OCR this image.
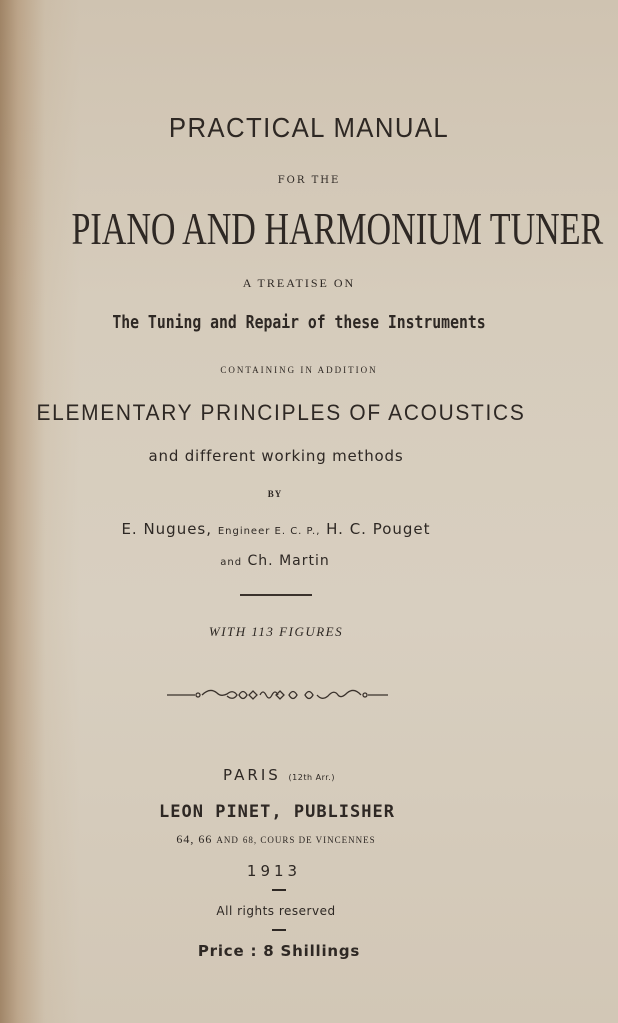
PRACTICAL MANUAL

FOR THE

PIANO AND HARMONIUM TUNER

A TREATISE ON

The Tuning and Repair of these Instruments

CONTAINING IN ADDITION

ELEMENTARY PRINCIPLES OF ACOUSTICS

and different working methods

BY

E. Nugues, Engineer E. C. P., H. C. Pouget

and Ch. Martin

WITH 113 FIGURES

PARIS (12th Arr.)

LEON PINET, PUBLISHER

64, 66 AND 68, COURS DE VINCENNES

1913

All rights reserved

Price : 8 Shillings
